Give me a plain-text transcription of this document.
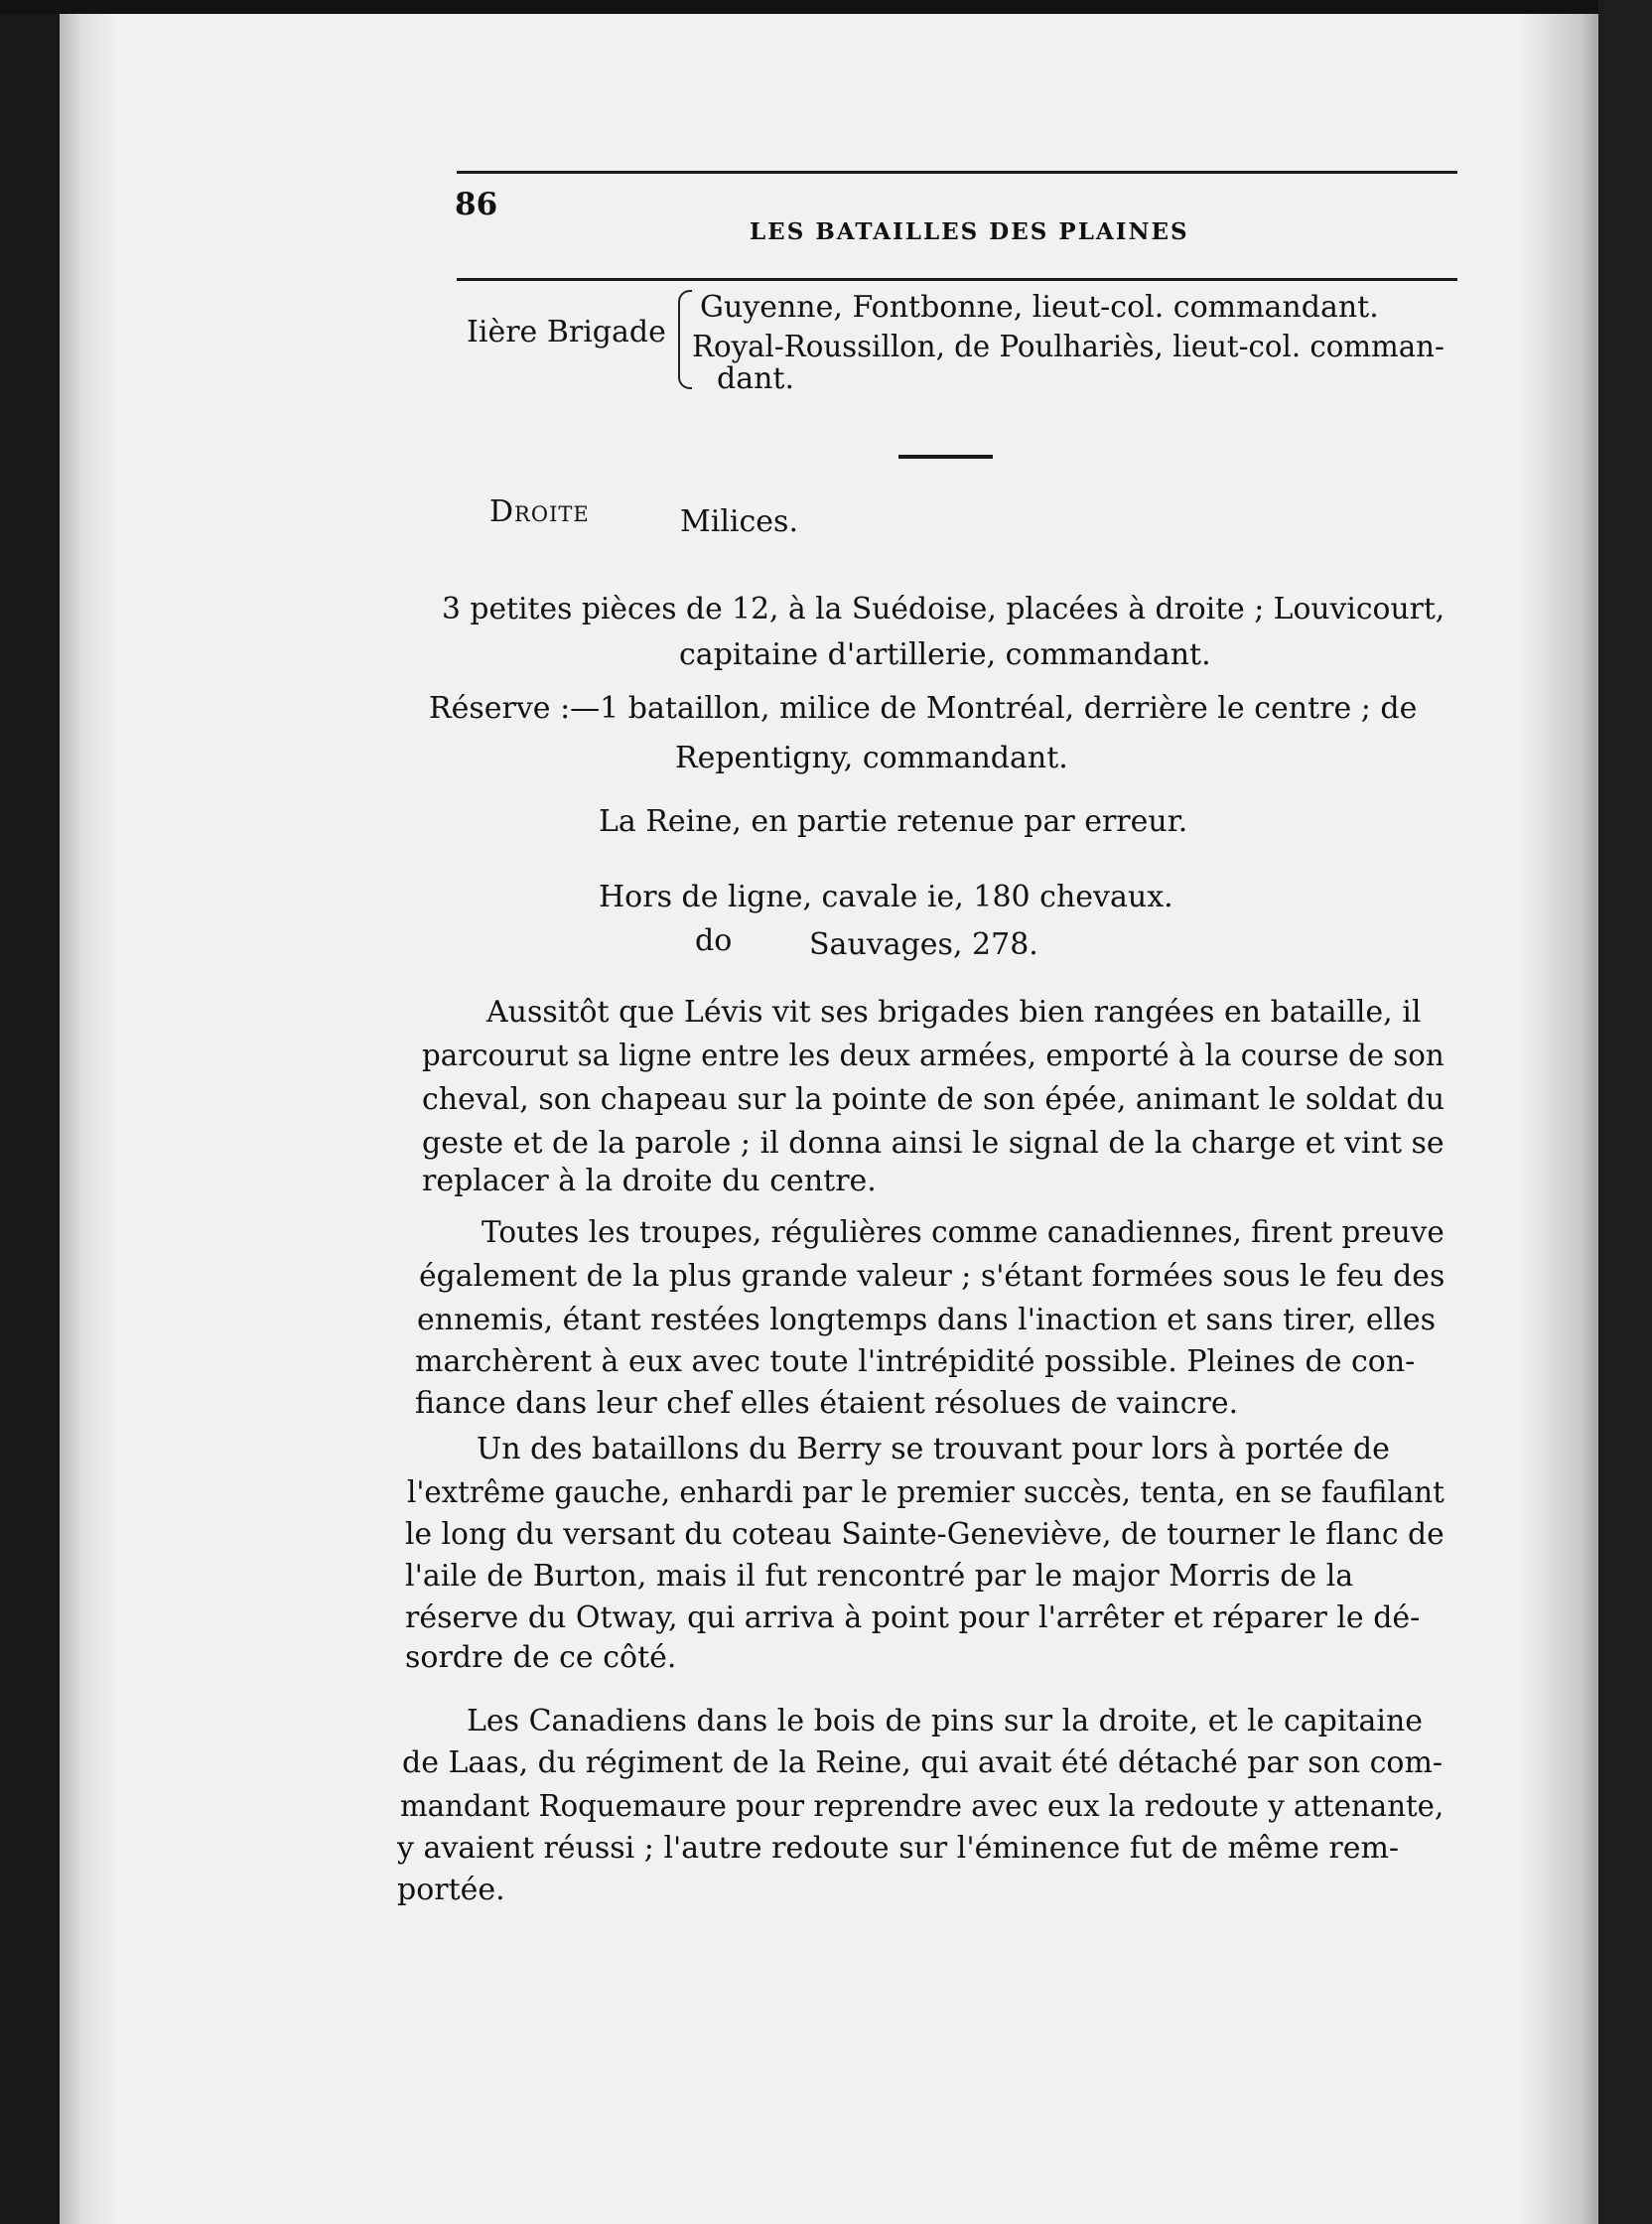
86
LES BATAILLES DES PLAINES
Iière Brigade
Guyenne, Fontbonne, lieut-col. commandant.
Royal-Roussillon, de Poulhariès, lieut-col. comman-
dant.
Droite	Milices.
3 petites pièces de 12, à la Suédoise, placées à droite ; Louvicourt,
capitaine d'artillerie, commandant.
Réserve :—1 bataillon, milice de Montréal, derrière le centre ; de
Repentigny, commandant.
La Reine, en partie retenue par erreur.
Hors de ligne, cavale ie, 180 chevaux.
do	Sauvages, 278.
Aussitôt que Lévis vit ses brigades bien rangées en bataille, il
parcourut sa ligne entre les deux armées, emporté à la course de son
cheval, son chapeau sur la pointe de son épée, animant le soldat du
geste et de la parole ; il donna ainsi le signal de la charge et vint se
replacer à la droite du centre.
Toutes les troupes, régulières comme canadiennes, firent preuve
également de la plus grande valeur ; s'étant formées sous le feu des
ennemis, étant restées longtemps dans l'inaction et sans tirer, elles
marchèrent à eux avec toute l'intrépidité possible. Pleines de con-
fiance dans leur chef elles étaient résolues de vaincre.
Un des bataillons du Berry se trouvant pour lors à portée de
l'extrême gauche, enhardi par le premier succès, tenta, en se faufilant
le long du versant du coteau Sainte-Geneviève, de tourner le flanc de
l'aile de Burton, mais il fut rencontré par le major Morris de la
réserve du Otway, qui arriva à point pour l'arrêter et réparer le dé-
sordre de ce côté.
Les Canadiens dans le bois de pins sur la droite, et le capitaine
de Laas, du régiment de la Reine, qui avait été détaché par son com-
mandant Roquemaure pour reprendre avec eux la redoute y attenante,
y avaient réussi ; l'autre redoute sur l'éminence fut de même rem-
portée.
